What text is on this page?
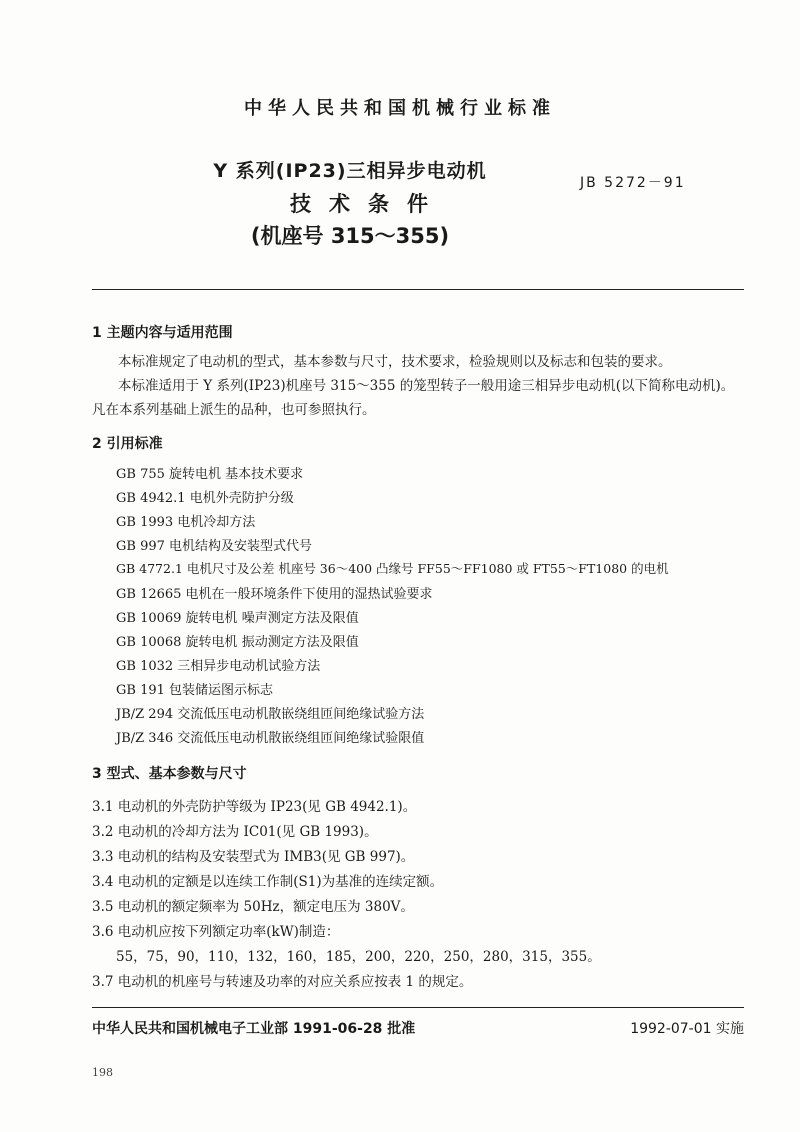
中华人民共和国机械行业标准
Y 系列(IP23)三相异步电动机
技术条件
(机座号 315～355)
JB 5272－91
1 主题内容与适用范围
本标准规定了电动机的型式，基本参数与尺寸，技术要求，检验规则以及标志和包装的要求。
本标准适用于 Y 系列(IP23)机座号 315～355 的笼型转子一般用途三相异步电动机(以下简称电动机)。凡在本系列基础上派生的品种，也可参照执行。
2 引用标准
GB 755 旋转电机 基本技术要求
GB 4942.1 电机外壳防护分级
GB 1993 电机冷却方法
GB 997 电机结构及安装型式代号
GB 4772.1 电机尺寸及公差 机座号 36～400 凸缘号 FF55～FF1080 或 FT55～FT1080 的电机
GB 12665 电机在一般环境条件下使用的湿热试验要求
GB 10069 旋转电机 噪声测定方法及限值
GB 10068 旋转电机 振动测定方法及限值
GB 1032 三相异步电动机试验方法
GB 191 包装储运图示标志
JB/Z 294 交流低压电动机散嵌绕组匝间绝缘试验方法
JB/Z 346 交流低压电动机散嵌绕组匝间绝缘试验限值
3 型式、基本参数与尺寸
3.1 电动机的外壳防护等级为 IP23(见 GB 4942.1)。
3.2 电动机的冷却方法为 IC01(见 GB 1993)。
3.3 电动机的结构及安装型式为 IMB3(见 GB 997)。
3.4 电动机的定额是以连续工作制(S1)为基准的连续定额。
3.5 电动机的额定频率为 50Hz，额定电压为 380V。
3.6 电动机应按下列额定功率(kW)制造：
55，75，90，110，132，160，185，200，220，250，280，315，355。
3.7 电动机的机座号与转速及功率的对应关系应按表 1 的规定。
中华人民共和国机械电子工业部 1991-06-28 批准	1992-07-01 实施
198
